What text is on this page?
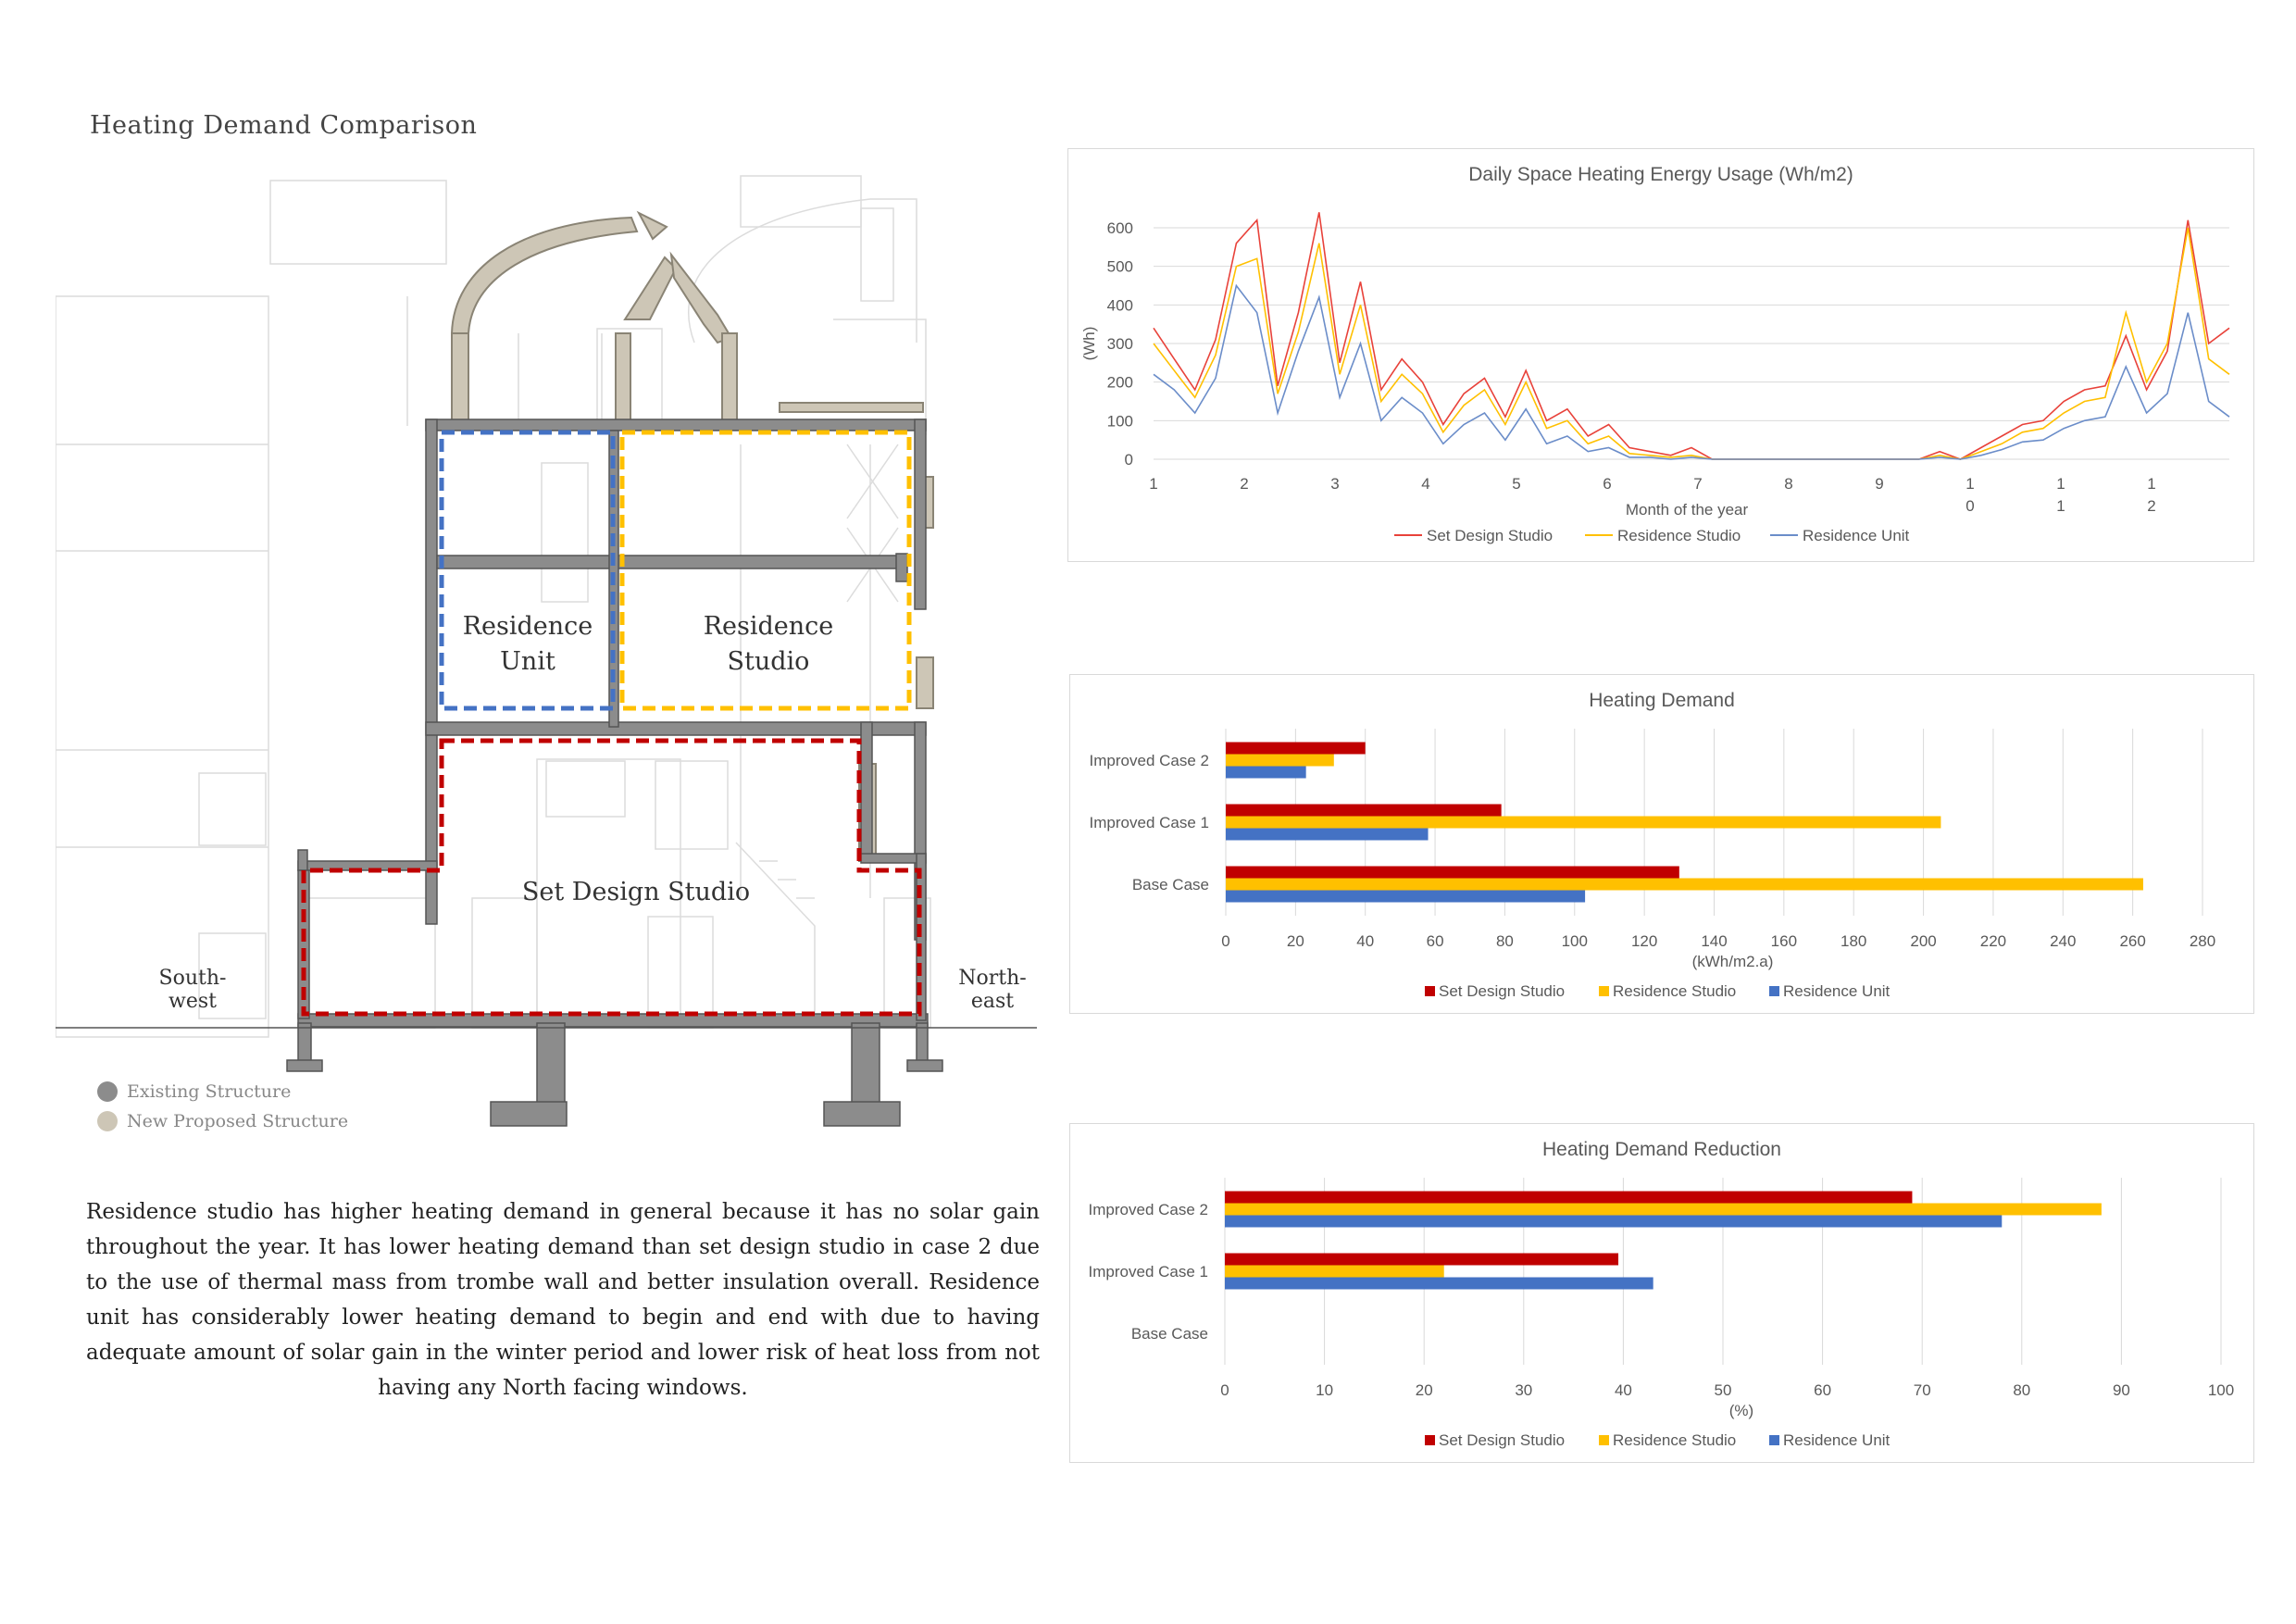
Heating Demand Comparison
Residence
Unit
Residence
Studio
Set Design Studio
South-
west
North-
east
Existing Structure
New Proposed Structure
Residence studio has higher heating demand in general because it has no solar gain throughout the year. It has lower heating demand than set design studio in case 2 due to the use of thermal mass from trombe wall and better insulation overall. Residence unit has considerably lower heating demand to begin and end with due to having adequate amount of solar gain in the winter period and lower risk of heat loss from not having any North facing windows.
Daily Space Heating Energy Usage (Wh/m2)
0
100
200
300
400
500
600
(Wh)
1	2	3	4	5	6	7	8	9	1
0
1
1
1
2
Month of the year
Set Design Studio	Residence Studio	Residence Unit
Heating Demand
0	20	40	60	80	100	120	140	160	180	200	220	240	260	280
(kWh/m2.a)
Improved Case 2
Improved Case 1
Base Case
Set Design Studio	Residence Studio	Residence Unit
Heating Demand Reduction
0	10	20	30	40	50	60	70	80	90	100
(%)
Improved Case 2
Improved Case 1
Base Case
Set Design Studio	Residence Studio	Residence Unit
